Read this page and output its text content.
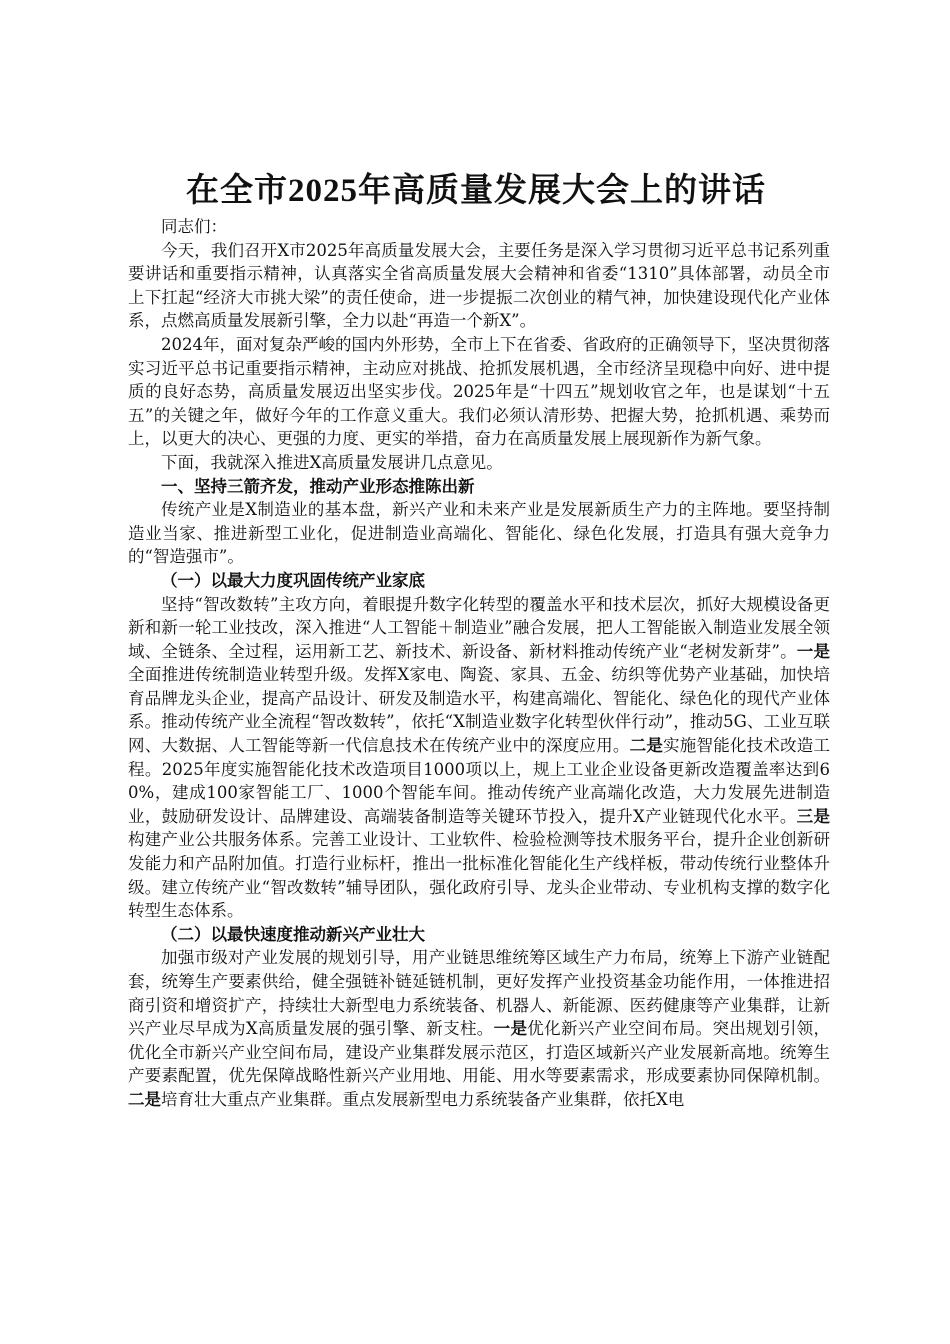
在全市2025年高质量发展大会上的讲话

同志们：

今天，我们召开X市2025年高质量发展大会，主要任务是深入学习贯彻习近平总书记系列重要讲话和重要指示精神，认真落实全省高质量发展大会精神和省委“1310”具体部署，动员全市上下扛起“经济大市挑大梁”的责任使命，进一步提振二次创业的精气神，加快建设现代化产业体系，点燃高质量发展新引擎，全力以赴“再造一个新X”。

2024年，面对复杂严峻的国内外形势，全市上下在省委、省政府的正确领导下，坚决贯彻落实习近平总书记重要指示精神，主动应对挑战、抢抓发展机遇，全市经济呈现稳中向好、进中提质的良好态势，高质量发展迈出坚实步伐。2025年是“十四五”规划收官之年，也是谋划“十五五”的关键之年，做好今年的工作意义重大。我们必须认清形势、把握大势，抢抓机遇、乘势而上，以更大的决心、更强的力度、更实的举措，奋力在高质量发展上展现新作为新气象。

下面，我就深入推进X高质量发展讲几点意见。

一、坚持三箭齐发，推动产业形态推陈出新

传统产业是X制造业的基本盘，新兴产业和未来产业是发展新质生产力的主阵地。要坚持制造业当家、推进新型工业化，促进制造业高端化、智能化、绿色化发展，打造具有强大竞争力的“智造强市”。

（一）以最大力度巩固传统产业家底

坚持“智改数转”主攻方向，着眼提升数字化转型的覆盖水平和技术层次，抓好大规模设备更新和新一轮工业技改，深入推进“人工智能＋制造业”融合发展，把人工智能嵌入制造业发展全领域、全链条、全过程，运用新工艺、新技术、新设备、新材料推动传统产业“老树发新芽”。一是全面推进传统制造业转型升级。发挥X家电、陶瓷、家具、五金、纺织等优势产业基础，加快培育品牌龙头企业，提高产品设计、研发及制造水平，构建高端化、智能化、绿色化的现代产业体系。推动传统产业全流程“智改数转”，依托“X制造业数字化转型伙伴行动”，推动5G、工业互联网、大数据、人工智能等新一代信息技术在传统产业中的深度应用。二是实施智能化技术改造工程。2025年度实施智能化技术改造项目1000项以上，规上工业企业设备更新改造覆盖率达到60%，建成100家智能工厂、1000个智能车间。推动传统产业高端化改造，大力发展先进制造业，鼓励研发设计、品牌建设、高端装备制造等关键环节投入，提升X产业链现代化水平。三是构建产业公共服务体系。完善工业设计、工业软件、检验检测等技术服务平台，提升企业创新研发能力和产品附加值。打造行业标杆，推出一批标准化智能化生产线样板，带动传统行业整体升级。建立传统产业“智改数转”辅导团队，强化政府引导、龙头企业带动、专业机构支撑的数字化转型生态体系。

（二）以最快速度推动新兴产业壮大

加强市级对产业发展的规划引导，用产业链思维统筹区域生产力布局，统筹上下游产业链配套，统筹生产要素供给，健全强链补链延链机制，更好发挥产业投资基金功能作用，一体推进招商引资和增资扩产，持续壮大新型电力系统装备、机器人、新能源、医药健康等产业集群，让新兴产业尽早成为X高质量发展的强引擎、新支柱。一是优化新兴产业空间布局。突出规划引领，优化全市新兴产业空间布局，建设产业集群发展示范区，打造区域新兴产业发展新高地。统筹生产要素配置，优先保障战略性新兴产业用地、用能、用水等要素需求，形成要素协同保障机制。二是培育壮大重点产业集群。重点发展新型电力系统装备产业集群，依托X电
